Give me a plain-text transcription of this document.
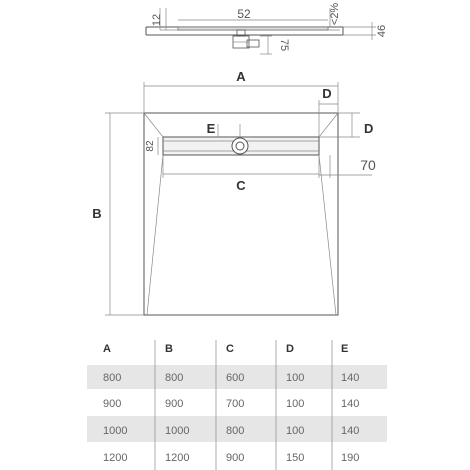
12	52	<2%
46
75
A
D
D
E
82
C
70
B
A	B	C	D	E
800	800	600	100	140
900	900	700	100	140
1000	1000	800	100	140
1200	1200	900	150	190
